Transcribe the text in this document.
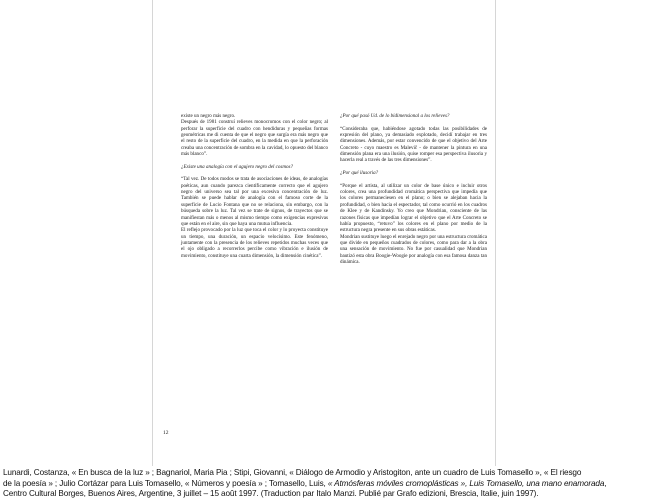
existe un negro más negro.

Después de 1981 construí relieves monocromos con el color negro; al perforar la superficie del cuadro con hendiduras y pequeñas formas geométricas me di cuenta de que el negro que surgía era más negro que el resto de la superficie del cuadro, en la medida en que la perforación creaba una concentración de sombra en la cavidad, lo opuesto del blanco más blanco”.

¿Existe una analogía con el agujero negro del cosmos?

“Tal vez. De todos modos se trata de asociaciones de ideas, de analogías poéticas, aun cuando parezca científicamente correcto que el agujero negro del universo sea tal por una excesiva concentración de luz. También se puede hablar de analogía con el famoso corte de la superficie de Lucio Fontana que no se relaciona, sin embargo, con la búsqueda sobre la luz. Tal vez se trate de signos, de trayectos que se manifiestan más o menos al mismo tiempo como exigencias expresivas que están en el aire, sin que haya una mutua influencia.

El reflejo provocado por la luz que toca el color y lo proyecta constituye un tiempo, una duración, un espacio velocísimo. Este fenómeno, juntamente con la presencia de los relieves repetidos muchas veces que el ojo obligado a recorrerlos percibe como vibración e ilusión de movimiento, constituye una cuarta dimensión, la dimensión cinética”.

¿Por qué pasó Ud. de lo bidimensional a los relieves?

“Consideraba que, habiéndose agotado todas las posibilidades de expresión del plano, ya demasiado explotado, decidí trabajar en tres dimensiones. Además, por estar convencido de que el objetivo del Arte Concreto - cuyo maestro es Malevič - de mantener la pintura en una dimensión plana era una ilusión, quise romper esa perspectiva ilusoria y hacerla real a través de las tres dimensiones”.

¿Por qué ilusoria?

“Porque el artista, al utilizar un color de base único e incluir otros colores, crea una profundidad cromática perspectiva que impedía que los colores permaneciesen en el plano; o bien se alejaban hacia la profundidad, o bien hacia el espectador, tal como ocurrió en los cuadros de Klee y de Kandinsky. Yo creo que Mondrian, consciente de las razones físicas que impedían lograr el objetivo que el Arte Concreto se había propuesto, “retuvo” los colores en el plano por medio de la estructura negra presente en sus obras estáticas.

Mondrian sustituye luego el enrejado negro por una estructura cromática que divide en pequeños cuadrados de colores, como para dar a la obra una sensación de movimiento. No fue por casualidad que Mondrian bautizó esta obra Boogie-Woogie por analogía con esa famosa danza tan dinámica.

12

Lunardi, Costanza, « En busca de la luz » ; Bagnariol, Maria Pia ; Stipi, Giovanni, « Diálogo de Armodio y Aristogiton, ante un cuadro de Luis Tomasello », « El riesgo

de la poesía » ; Julio Cortázar para Luis Tomasello, « Números y poesía » ; Tomasello, Luis, « Atmósferas móviles cromoplásticas », Luis Tomasello, una mano enamorada,

Centro Cultural Borges, Buenos Aires, Argentine, 3 juillet – 15 août 1997. (Traduction par Italo Manzi. Publié par Grafo edizioni, Brescia, Italie, juin 1997).
